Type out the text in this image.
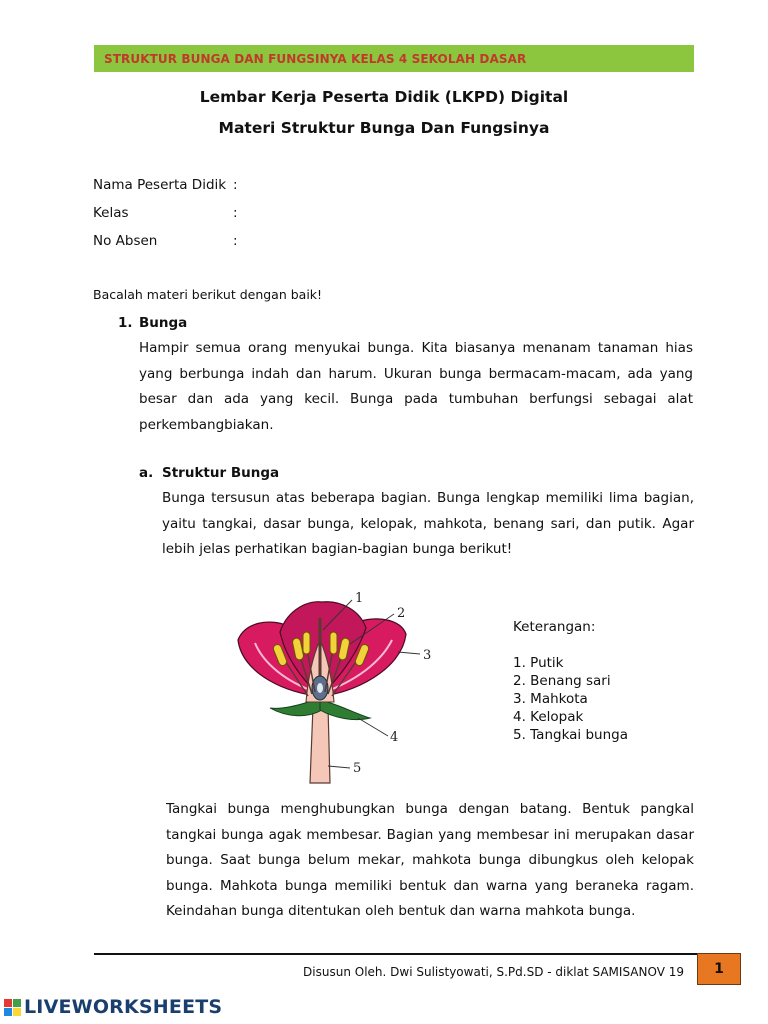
STRUKTUR BUNGA DAN FUNGSINYA KELAS 4 SEKOLAH DASAR
Lembar Kerja Peserta Didik (LKPD) Digital
Materi Struktur Bunga Dan Fungsinya
Nama Peserta Didik :
Kelas	:
No Absen	:
Bacalah materi berikut dengan baik!
1. Bunga
Hampir semua orang menyukai bunga. Kita biasanya menanam tanaman hias yang berbunga indah dan harum. Ukuran bunga bermacam-macam, ada yang besar dan ada yang kecil. Bunga pada tumbuhan berfungsi sebagai alat perkembangbiakan.
a. Struktur Bunga
Bunga tersusun atas beberapa bagian. Bunga lengkap memiliki lima bagian, yaitu tangkai, dasar bunga, kelopak, mahkota, benang sari, dan putik. Agar lebih jelas perhatikan bagian-bagian bunga berikut!
1
2
3
4
5
Keterangan:
1. Putik
2. Benang sari
3. Mahkota
4. Kelopak
5. Tangkai bunga
Tangkai bunga menghubungkan bunga dengan batang. Bentuk pangkal tangkai bunga agak membesar. Bagian yang membesar ini merupakan dasar bunga. Saat bunga belum mekar, mahkota bunga dibungkus oleh kelopak bunga. Mahkota bunga memiliki bentuk dan warna yang beraneka ragam. Keindahan bunga ditentukan oleh bentuk dan warna mahkota bunga.
Disusun Oleh. Dwi Sulistyowati, S.Pd.SD - diklat SAMISANOV 19	1
LIVEWORKSHEETS
